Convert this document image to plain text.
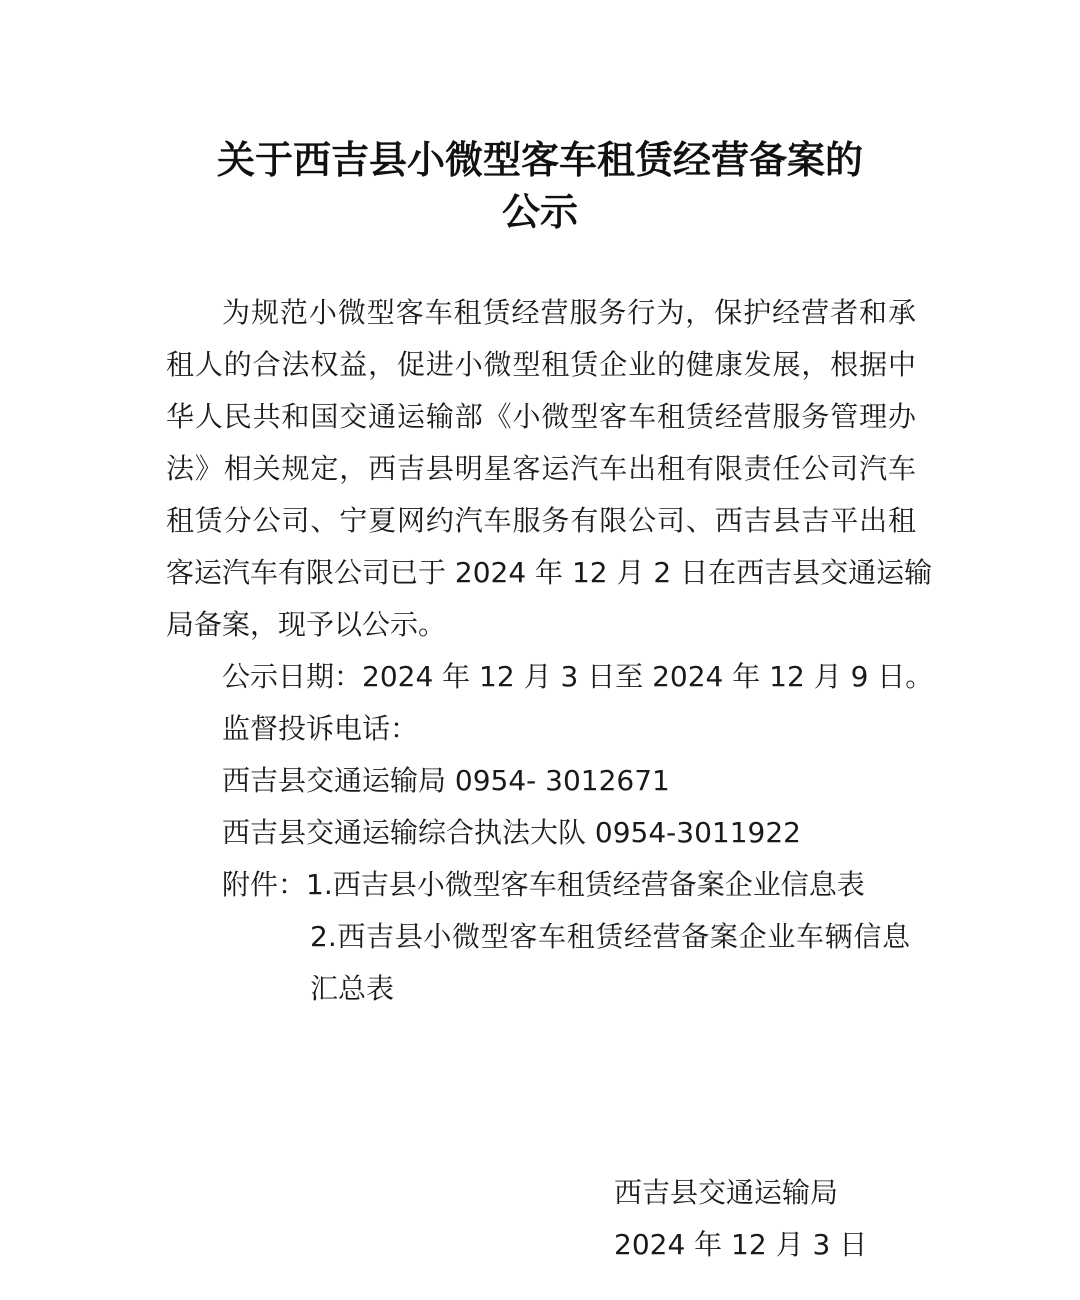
关于西吉县小微型客车租赁经营备案的
公示
为规范小微型客车租赁经营服务行为，保护经营者和承
租人的合法权益，促进小微型租赁企业的健康发展，根据中
华人民共和国交通运输部《小微型客车租赁经营服务管理办
法》相关规定，西吉县明星客运汽车出租有限责任公司汽车
租赁分公司、宁夏网约汽车服务有限公司、西吉县吉平出租
客运汽车有限公司已于 2024 年 12 月 2 日在西吉县交通运输
局备案，现予以公示。
公示日期：2024 年 12 月 3 日至 2024 年 12 月 9 日。
监督投诉电话：
西吉县交通运输局 0954- 3012671
西吉县交通运输综合执法大队 0954-3011922
附件：1.西吉县小微型客车租赁经营备案企业信息表
2.西吉县小微型客车租赁经营备案企业车辆信息
汇总表
西吉县交通运输局
2024 年 12 月 3 日
